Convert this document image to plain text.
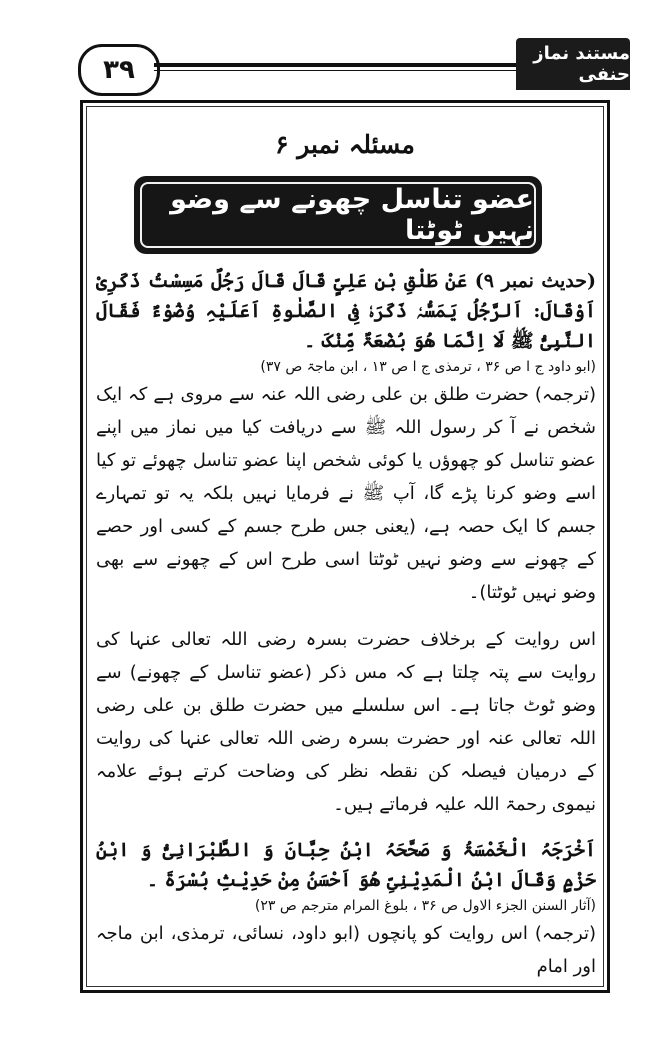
۳۹
مستند نماز حنفی
مسئلہ نمبر ۶
عضو تناسل چھونے سے وضو نہیں ٹوٹتا

(حدیث نمبر ۹) عَنْ طَلْقِ بْنِ عَلِیٍّ قَالَ قَالَ رَجُلٌ مَسِسْتُ ذَکَرِیْ اَوْقَالَ: اَلرَّجُلُ یَمَسُّہٗ ذَکَرَہٗ فِی الصَّلٰوۃِ اَعَلَیْہِ وُضُوْءٌ فَقَالَ النَّبِیُّ ﷺ لَا اِنَّمَا ھُوَ بُضْعَۃٌ مِّنْکَ ۔

(ابو داود ج ا ص ۳۶ ، ترمذی ج ا ص ۱۳ ، ابن ماجۃ ص ۳۷)

(ترجمہ) حضرت طلق بن علی رضی اللہ عنہ سے مروی ہے کہ ایک شخص نے آ کر رسول اللہ ﷺ سے دریافت کیا میں نماز میں اپنے عضو تناسل کو چھوؤں یا کوئی شخص اپنا عضو تناسل چھوئے تو کیا اسے وضو کرنا پڑے گا، آپ ﷺ نے فرمایا نہیں بلکہ یہ تو تمہارے جسم کا ایک حصہ ہے، (یعنی جس طرح جسم کے کسی اور حصے کے چھونے سے وضو نہیں ٹوٹتا اسی طرح اس کے چھونے سے بھی وضو نہیں ٹوٹتا)۔

اس روایت کے برخلاف حضرت بسرہ رضی اللہ تعالی عنہا کی روایت سے پتہ چلتا ہے کہ مس ذکر (عضو تناسل کے چھونے) سے وضو ٹوٹ جاتا ہے۔ اس سلسلے میں حضرت طلق بن علی رضی اللہ تعالی عنہ اور حضرت بسرہ رضی اللہ تعالی عنہا کی روایت کے درمیان فیصلہ کن نقطہ نظر کی وضاحت کرتے ہوئے علامہ نیموی رحمۃ اللہ علیہ فرماتے ہیں۔

اَخْرَجَہُ الْخَمْسَۃُ وَ صَحَّحَہُ ابْنُ حِبَّانَ وَ الطَّبْرَانِیُّ وَ ابْنُ حَزْمٍ وَقَالَ ابْنُ الْمَدِیْنِیِّ ھُوَ اَحْسَنُ مِنْ حَدِیْثِ بُسْرَۃَ ۔

(آثار السنن الجزء الاول ص ۳۶ ، بلوغ المرام مترجم ص ۲۳)

(ترجمہ) اس روایت کو پانچوں (ابو داود، نسائی، ترمذی، ابن ماجہ اور امام
